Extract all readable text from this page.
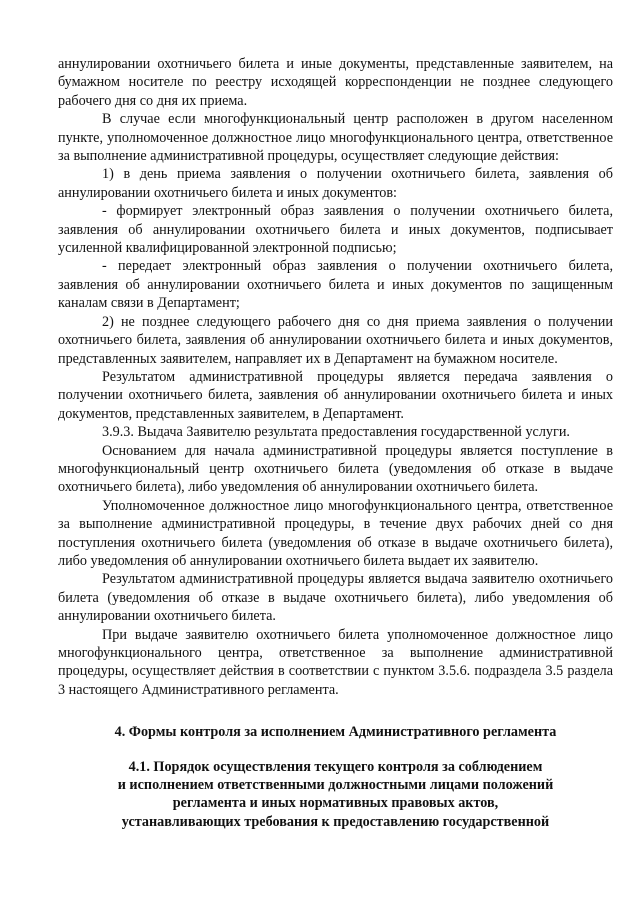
аннулировании охотничьего билета и иные документы, представленные заявителем, на бумажном носителе по реестру исходящей корреспонденции не позднее следующего рабочего дня со дня их приема.

В случае если многофункциональный центр расположен в другом населенном пункте, уполномоченное должностное лицо многофункционального центра, ответственное за выполнение административной процедуры, осуществляет следующие действия:

1) в день приема заявления о получении охотничьего билета, заявления об аннулировании охотничьего билета и иных документов:

- формирует электронный образ заявления о получении охотничьего билета, заявления об аннулировании охотничьего билета и иных документов, подписывает усиленной квалифицированной электронной подписью;

- передает электронный образ заявления о получении охотничьего билета, заявления об аннулировании охотничьего билета и иных документов по защищенным каналам связи в Департамент;

2) не позднее следующего рабочего дня со дня приема заявления о получении охотничьего билета, заявления об аннулировании охотничьего билета и иных документов, представленных заявителем, направляет их в Департамент на бумажном носителе.

Результатом административной процедуры является передача заявления о получении охотничьего билета, заявления об аннулировании охотничьего билета и иных документов, представленных заявителем, в Департамент.

3.9.3. Выдача Заявителю результата предоставления государственной услуги.

Основанием для начала административной процедуры является поступление в многофункциональный центр охотничьего билета (уведомления об отказе в выдаче охотничьего билета), либо уведомления об аннулировании охотничьего билета.

Уполномоченное должностное лицо многофункционального центра, ответственное за выполнение административной процедуры, в течение двух рабочих дней со дня поступления охотничьего билета (уведомления об отказе в выдаче охотничьего билета), либо уведомления об аннулировании охотничьего билета выдает их заявителю.

Результатом административной процедуры является выдача заявителю охотничьего билета (уведомления об отказе в выдаче охотничьего билета), либо уведомления об аннулировании охотничьего билета.

При выдаче заявителю охотничьего билета уполномоченное должностное лицо многофункционального центра, ответственное за выполнение административной процедуры, осуществляет действия в соответствии с пунктом 3.5.6. подраздела 3.5 раздела 3 настоящего Административного регламента.

4. Формы контроля за исполнением Административного регламента
4.1. Порядок осуществления текущего контроля за соблюдением
и исполнением ответственными должностными лицами положений
регламента и иных нормативных правовых актов,
устанавливающих требования к предоставлению государственной
